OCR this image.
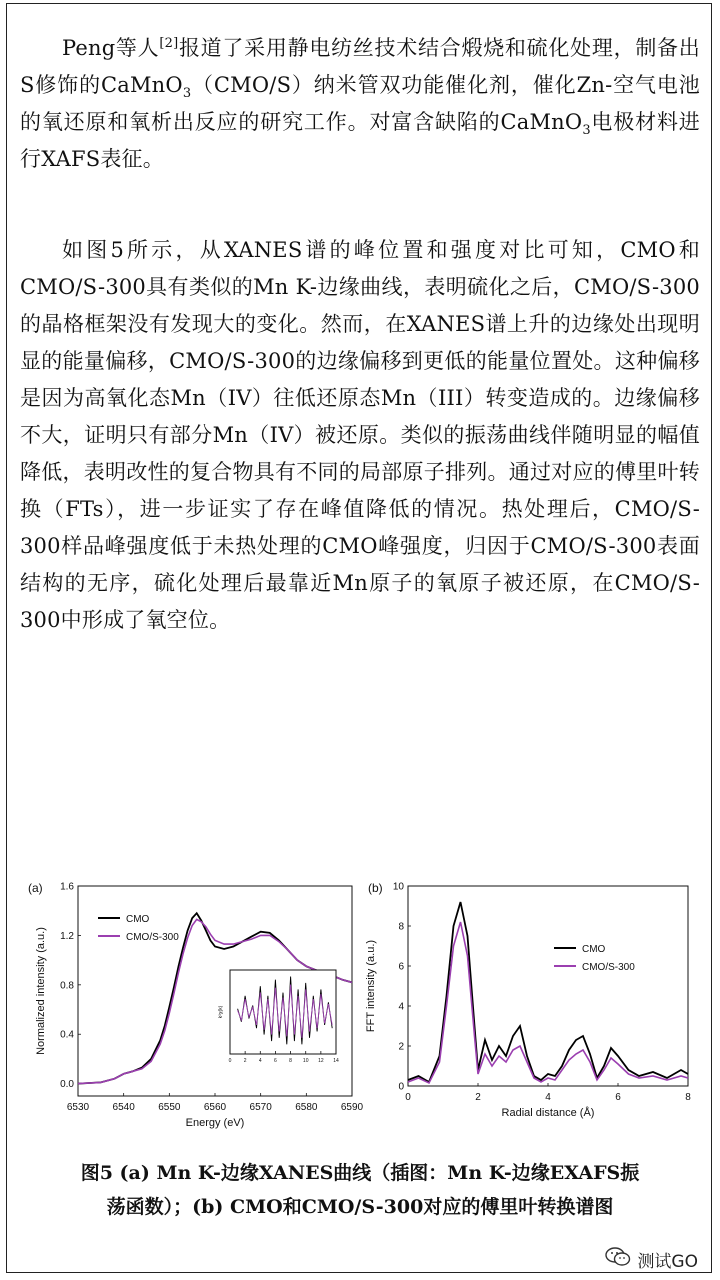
Peng等人[2]报道了采用静电纺丝技术结合煅烧和硫化处理，制备出S修饰的CaMnO$_3$（CMO/S）纳米管双功能催化剂，催化Zn-空气电池的氧还原和氧析出反应的研究工作。对富含缺陷的CaMnO$_3$电极材料进行XAFS表征。

如图5所示，从XANES谱的峰位置和强度对比可知，CMO和CMO/S-300具有类似的Mn K-边缘曲线，表明硫化之后，CMO/S-300的晶格框架没有发现大的变化。然而，在XANES谱上升的边缘处出现明显的能量偏移，CMO/S-300的边缘偏移到更低的能量位置处。这种偏移是因为高氧化态Mn（IV）往低还原态Mn（III）转变造成的。边缘偏移不大，证明只有部分Mn（IV）被还原。类似的振荡曲线伴随明显的幅值降低，表明改性的复合物具有不同的局部原子排列。通过对应的傅里叶转换（FTs），进一步证实了存在峰值降低的情况。热处理后，CMO/S-300样品峰强度低于未热处理的CMO峰强度，归因于CMO/S-300表面结构的无序，硫化处理后最靠近Mn原子的氧原子被还原，在CMO/S-300中形成了氧空位。

6530 6540 6550 6560 6570 6580 6590
0.0
0.4
0.8
1.2
1.6
Energy (eV)
Normalized intensity (a.u.)
(a)
CMO
CMO/S-300
0 2 4 6 8 10 12 14
k³χ(k)
0	2	4	6	8
0
2
4
6
8
10
Radial distance (Å)
FFT intensity (a.u.)
(b)
CMO
CMO/S-300
图5 (a) Mn K-边缘XANES曲线（插图：Mn K-边缘EXAFS振
荡函数）；(b) CMO和CMO/S-300对应的傅里叶转换谱图
测试GO
